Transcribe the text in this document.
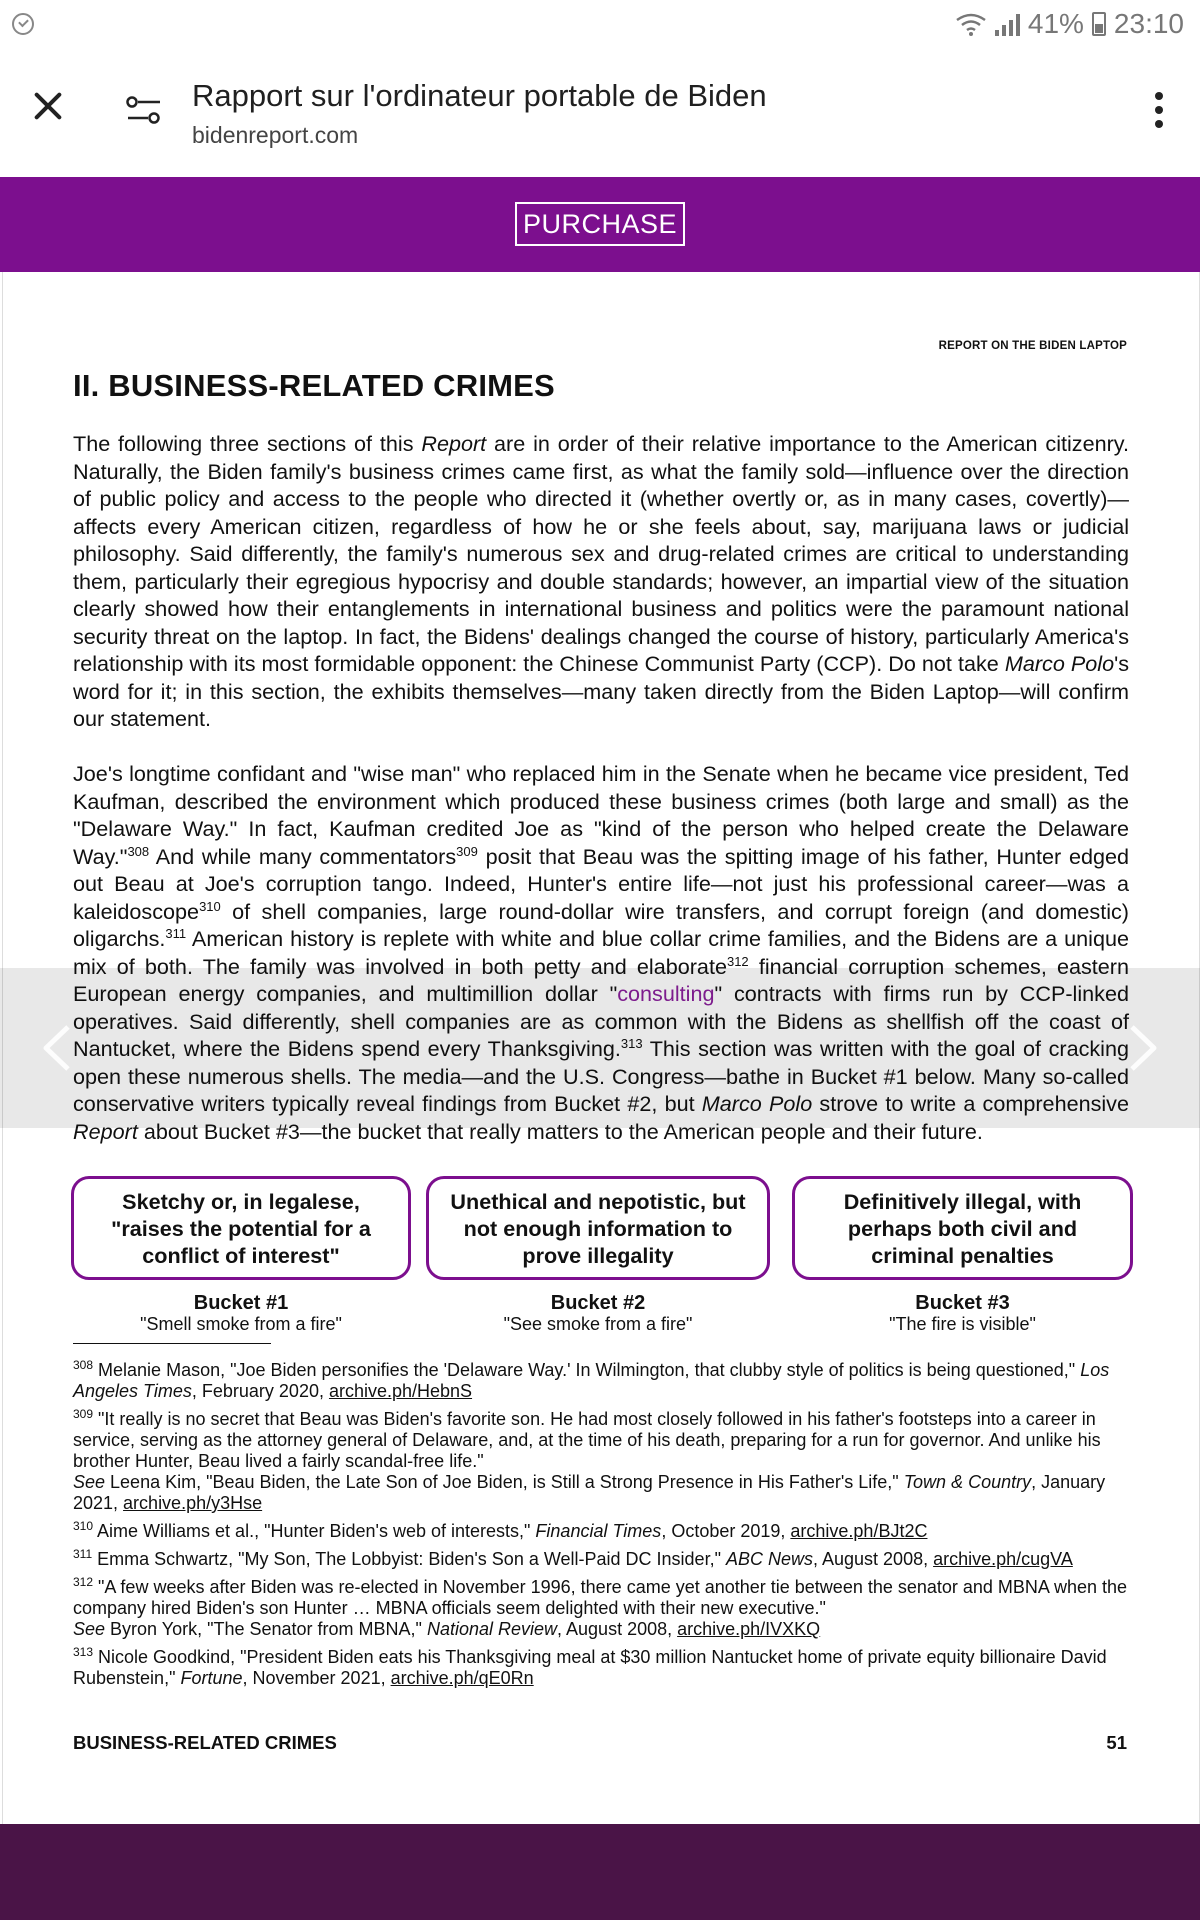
41% 23:10
Rapport sur l'ordinateur portable de Biden
bidenreport.com
PURCHASE
REPORT ON THE BIDEN LAPTOP
II. BUSINESS-RELATED CRIMES
The following three sections of this Report are in order of their relative importance to the American citizenry. Naturally, the Biden family's business crimes came first, as what the family sold—influence over the direction of public policy and access to the people who directed it (whether overtly or, as in many cases, covertly)—affects every American citizen, regardless of how he or she feels about, say, marijuana laws or judicial philosophy. Said differently, the family's numerous sex and drug-related crimes are critical to understanding them, particularly their egregious hypocrisy and double standards; however, an impartial view of the situation clearly showed how their entanglements in international business and politics were the paramount national security threat on the laptop. In fact, the Bidens' dealings changed the course of history, particularly America's relationship with its most formidable opponent: the Chinese Communist Party (CCP). Do not take Marco Polo's word for it; in this section, the exhibits themselves—many taken directly from the Biden Laptop—will confirm our statement.
Joe's longtime confidant and "wise man" who replaced him in the Senate when he became vice president, Ted Kaufman, described the environment which produced these business crimes (both large and small) as the "Delaware Way." In fact, Kaufman credited Joe as "kind of the person who helped create the Delaware Way."$^{308}$ And while many commentators$^{309}$ posit that Beau was the spitting image of his father, Hunter edged out Beau at Joe's corruption tango. Indeed, Hunter's entire life—not just his professional career—was a kaleidoscope$^{310}$ of shell companies, large round-dollar wire transfers, and corrupt foreign (and domestic) oligarchs.$^{311}$ American history is replete with white and blue collar crime families, and the Bidens are a unique mix of both. The family was involved in both petty and elaborate$^{312}$ financial corruption schemes, eastern European energy companies, and multimillion dollar "consulting" contracts with firms run by CCP-linked operatives. Said differently, shell companies are as common with the Bidens as shellfish off the coast of Nantucket, where the Bidens spend every Thanksgiving.$^{313}$ This section was written with the goal of cracking open these numerous shells. The media—and the U.S. Congress—bathe in Bucket #1 below. Many so-called conservative writers typically reveal findings from Bucket #2, but Marco Polo strove to write a comprehensive Report about Bucket #3—the bucket that really matters to the American people and their future.
Sketchy or, in legalese, "raises the potential for a conflict of interest"
Unethical and nepotistic, but not enough information to prove illegality
Definitively illegal, with perhaps both civil and criminal penalties
Bucket #1	Bucket #2	Bucket #3
"Smell smoke from a fire"	"See smoke from a fire"	"The fire is visible"
$^{308}$ Melanie Mason, "Joe Biden personifies the 'Delaware Way.' In Wilmington, that clubby style of politics is being questioned," Los Angeles Times, February 2020, archive.ph/HebnS
$^{309}$ "It really is no secret that Beau was Biden's favorite son. He had most closely followed in his father's footsteps into a career in service, serving as the attorney general of Delaware, and, at the time of his death, preparing for a run for governor. And unlike his brother Hunter, Beau lived a fairly scandal-free life."
See Leena Kim, "Beau Biden, the Late Son of Joe Biden, is Still a Strong Presence in His Father's Life," Town & Country, January 2021, archive.ph/y3Hse
$^{310}$ Aime Williams et al., "Hunter Biden's web of interests," Financial Times, October 2019, archive.ph/BJt2C
$^{311}$ Emma Schwartz, "My Son, The Lobbyist: Biden's Son a Well-Paid DC Insider," ABC News, August 2008, archive.ph/cugVA
$^{312}$ "A few weeks after Biden was re-elected in November 1996, there came yet another tie between the senator and MBNA when the company hired Biden's son Hunter … MBNA officials seem delighted with their new executive."
See Byron York, "The Senator from MBNA," National Review, August 2008, archive.ph/IVXKQ
$^{313}$ Nicole Goodkind, "President Biden eats his Thanksgiving meal at $30 million Nantucket home of private equity billionaire David Rubenstein," Fortune, November 2021, archive.ph/qE0Rn
BUSINESS-RELATED CRIMES	51
